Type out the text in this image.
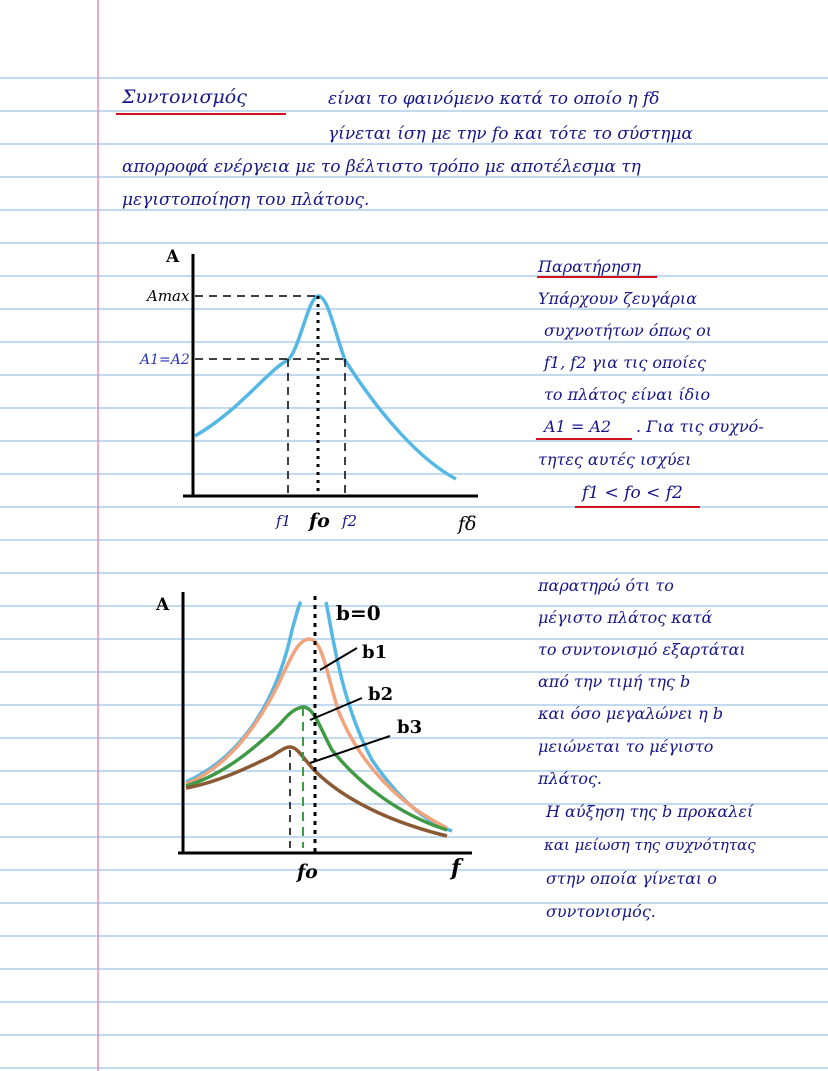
Συντονισμός	είναι το φαινόμενο κατά το οποίο η fδ
γίνεται ίση με την fo και τότε το σύστημα
απορροφά ενέργεια με το βέλτιστο τρόπο με αποτέλεσμα τη
μεγιστοποίηση του πλάτους.
A
Amax
A1=A2
f1 fo f2	fδ
Παρατήρηση
Υπάρχουν ζευγάρια
συχνοτήτων όπως οι
f1, f2 για τις οποίες
το πλάτος είναι ίδιο
A1 = A2 . Για τις συχνό-
τητες αυτές ισχύει
f1 < fo < f2
A	b=0
b1
b2
b3
fo	f
παρατηρώ ότι το
μέγιστο πλάτος κατά
το συντονισμό εξαρτάται
από την τιμή της b
και όσο μεγαλώνει η b
μειώνεται το μέγιστο
πλάτος.
Η αύξηση της b προκαλεί
και μείωση της συχνότητας
στην οποία γίνεται ο
συντονισμός.
